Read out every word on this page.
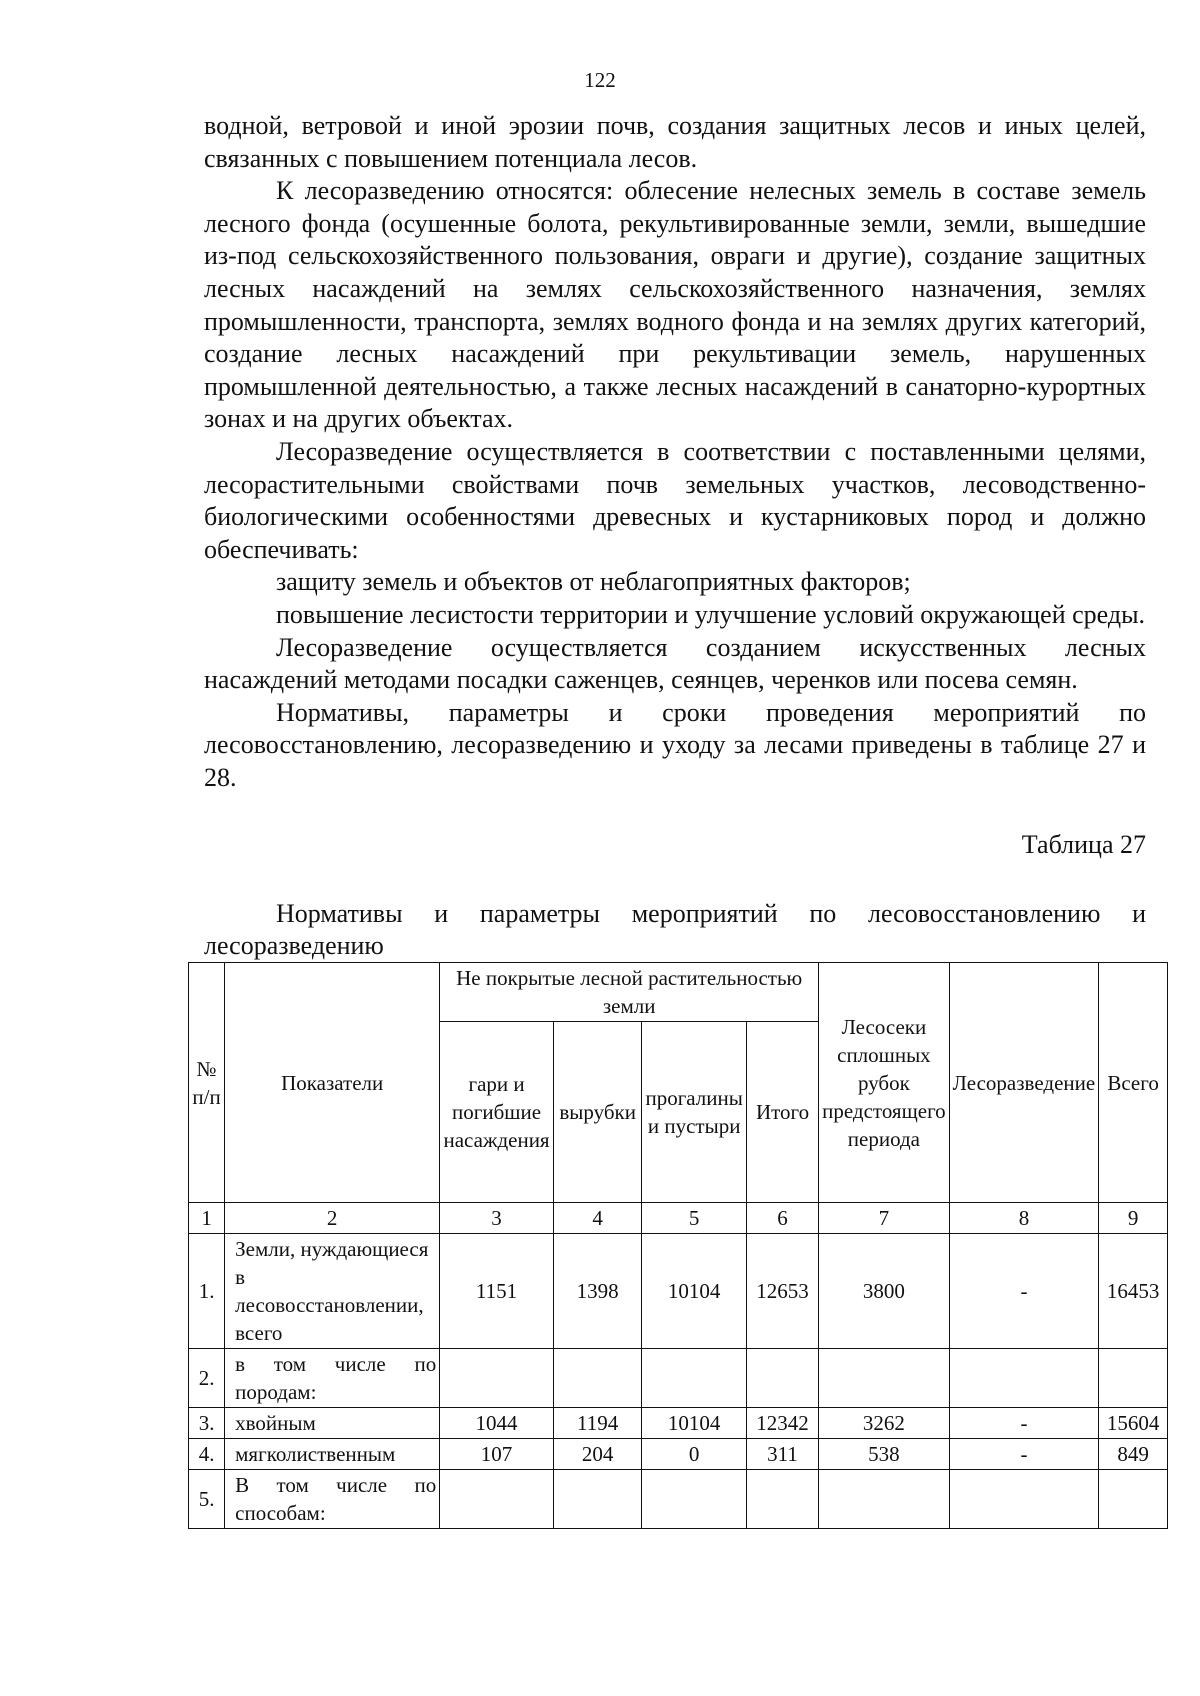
122

водной, ветровой и иной эрозии почв, создания защитных лесов и иных целей, связанных с повышением потенциала лесов.

К лесоразведению относятся: облесение нелесных земель в составе земель лесного фонда (осушенные болота, рекультивированные земли, земли, вышедшие из-под сельскохозяйственного пользования, овраги и другие), создание защитных лесных насаждений на землях сельскохозяйственного назначения, землях промышленности, транспорта, землях водного фонда и на землях других категорий, создание лесных насаждений при рекультивации земель, нарушенных промышленной деятельностью, а также лесных насаждений в санаторно-курортных зонах и на других объектах.

Лесоразведение осуществляется в соответствии с поставленными целями, лесорастительными свойствами почв земельных участков, лесоводственно-биологическими особенностями древесных и кустарниковых пород и должно обеспечивать:

защиту земель и объектов от неблагоприятных факторов;

повышение лесистости территории и улучшение условий окружающей среды.

Лесоразведение осуществляется созданием искусственных лесных насаждений методами посадки саженцев, сеянцев, черенков или посева семян.

Нормативы, параметры и сроки проведения мероприятий по лесовосстановлению, лесоразведению и уходу за лесами приведены в таблице 27 и 28.

Таблица 27
Нормативы и параметры мероприятий по лесовосстановлению и лесоразведению
№ п/п	Показатели	Не покрытые лесной растительностью земли				Лесосеки сплошных рубок предстоящего периода	Лесоразведение	Всего
		гари и погибшие насаждения	вырубки	прогалины и пустыри	Итого			
1	2	3	4	5	6	7	8	9
1.	Земли, нуждающиеся в лесовосстановлении, всего	1151	1398	10104	12653	3800	-	16453
2.	в том числе по породам:							
3.	хвойным	1044	1194	10104	12342	3262	-	15604
4.	мягколиственным	107	204	0	311	538	-	849
5.	В том числе по способам:							
